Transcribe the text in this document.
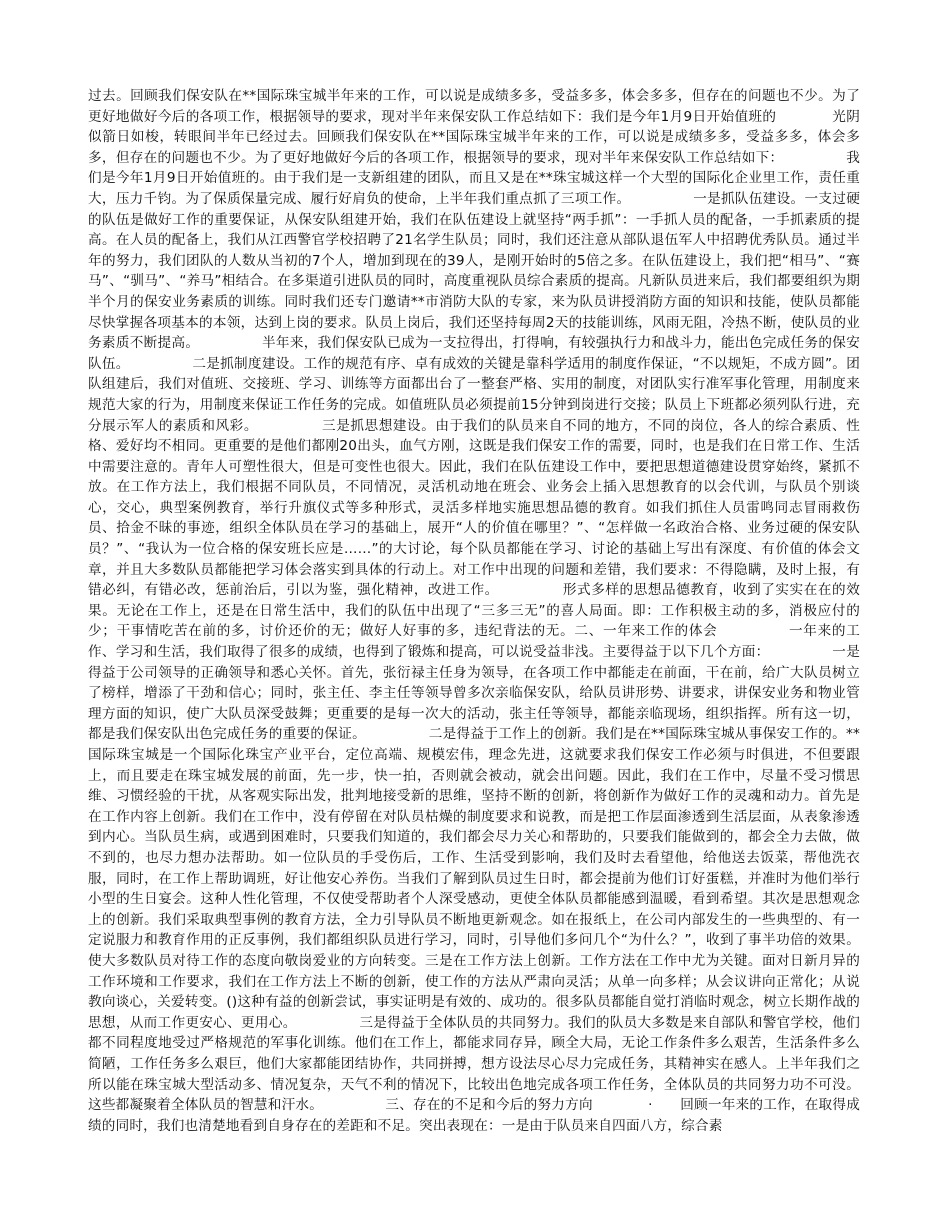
过去。回顾我们保安队在**国际珠宝城半年来的工作，可以说是成绩多多，受益多多，体会多多，但存在的问题也不少。为了更好地做好今后的各项工作，根据领导的要求，现对半年来保安队工作总结如下：我们是今年1月9日开始值班的　　　　光阴似箭日如梭，转眼间半年已经过去。回顾我们保安队在**国际珠宝城半年来的工作，可以说是成绩多多，受益多多，体会多多，但存在的问题也不少。为了更好地做好今后的各项工作，根据领导的要求，现对半年来保安队工作总结如下：　　　　　我们是今年1月9日开始值班的。由于我们是一支新组建的团队，而且又是在**珠宝城这样一个大型的国际化企业里工作，责任重大，压力千钧。为了保质保量完成、履行好肩负的使命，上半年我们重点抓了三项工作。　　　　　一是抓队伍建设。一支过硬的队伍是做好工作的重要保证，从保安队组建开始，我们在队伍建设上就坚持“两手抓”：一手抓人员的配备，一手抓素质的提高。在人员的配备上，我们从江西警官学校招聘了21名学生队员；同时，我们还注意从部队退伍军人中招聘优秀队员。通过半年的努力，我们团队的人数从当初的7个人，增加到现在的39人，是刚开始时的5倍之多。在队伍建设上，我们把“相马”、“赛马”、“驯马”、“养马”相结合。在多渠道引进队员的同时，高度重视队员综合素质的提高。凡新队员进来后，我们都要组织为期半个月的保安业务素质的训练。同时我们还专门邀请**市消防大队的专家，来为队员讲授消防方面的知识和技能，使队员都能尽快掌握各项基本的本领，达到上岗的要求。队员上岗后，我们还坚持每周2天的技能训练，风雨无阻，冷热不断，使队员的业务素质不断提高。　　　　　半年来，我们保安队已成为一支拉得出，打得响，有较强执行力和战斗力，能出色完成任务的保安队伍。　　　　　二是抓制度建设。工作的规范有序、卓有成效的关键是靠科学适用的制度作保证，“不以规矩，不成方圆”。团队组建后，我们对值班、交接班、学习、训练等方面都出台了一整套严格、实用的制度，对团队实行准军事化管理，用制度来规范大家的行为，用制度来保证工作任务的完成。如值班队员必须提前15分钟到岗进行交接；队员上下班都必须列队行进，充分展示军人的素质和风彩。　　　　　三是抓思想建设。由于我们的队员来自不同的地方，不同的岗位，各人的综合素质、性格、爱好均不相同。更重要的是他们都刚20出头，血气方刚，这既是我们保安工作的需要，同时，也是我们在日常工作、生活中需要注意的。青年人可塑性很大，但是可变性也很大。因此，我们在队伍建设工作中，要把思想道德建设贯穿始终，紧抓不放。在工作方法上，我们根据不同队员，不同情况，灵活机动地在班会、业务会上插入思想教育的以会代训，与队员个别谈心，交心，典型案例教育，举行升旗仪式等多种形式，灵活多样地实施思想品德的教育。如我们抓住人员雷鸣同志冒雨救伤员、拾金不昧的事迹，组织全体队员在学习的基础上，展开“人的价值在哪里？”、“怎样做一名政治合格、业务过硬的保安队员？”、“我认为一位合格的保安班长应是……”的大讨论，每个队员都能在学习、讨论的基础上写出有深度、有价值的体会文章，并且大多数队员都能把学习体会落实到具体的行动上。对工作中出现的问题和差错，我们要求：不得隐瞒，及时上报，有错必纠，有错必改，惩前治后，引以为鉴，强化精神，改进工作。　　　　　形式多样的思想品德教育，收到了实实在在的效果。无论在工作上，还是在日常生活中，我们的队伍中出现了“三多三无”的喜人局面。即：工作积极主动的多，消极应付的少；干事情吃苦在前的多，讨价还价的无；做好人好事的多，违纪背法的无。二、一年来工作的体会　　　　　一年来的工作、学习和生活，我们取得了很多的成绩，也得到了锻炼和提高，可以说受益非浅。主要得益于以下几个方面：　　　　　一是得益于公司领导的正确领导和悉心关怀。首先，张衍禄主任身为领导，在各项工作中都能走在前面，干在前，给广大队员树立了榜样，增添了干劲和信心；同时，张主任、李主任等领导曾多次亲临保安队，给队员讲形势、讲要求，讲保安业务和物业管理方面的知识，使广大队员深受鼓舞；更重要的是每一次大的活动，张主任等领导，都能亲临现场，组织指挥。所有这一切，都是我们保安队出色完成任务的重要的保证。　　　　　二是得益于工作上的创新。我们是在**国际珠宝城从事保安工作的。**国际珠宝城是一个国际化珠宝产业平台，定位高端、规模宏伟，理念先进，这就要求我们保安工作必须与时俱进，不但要跟上，而且要走在珠宝城发展的前面，先一步，快一拍，否则就会被动，就会出问题。因此，我们在工作中，尽量不受习惯思维、习惯经验的干扰，从客观实际出发，批判地接受新的思维，坚持不断的创新，将创新作为做好工作的灵魂和动力。首先是在工作内容上创新。我们在工作中，没有停留在对队员枯燥的制度要求和说教，而是把工作层面渗透到生活层面，从表象渗透到内心。当队员生病，或遇到困难时，只要我们知道的，我们都会尽力关心和帮助的，只要我们能做到的，都会全力去做，做不到的，也尽力想办法帮助。如一位队员的手受伤后，工作、生活受到影响，我们及时去看望他，给他送去饭菜，帮他洗衣服，同时，在工作上帮助调班，好让他安心养伤。当我们了解到队员过生日时，都会提前为他们订好蛋糕，并准时为他们举行小型的生日宴会。这种人性化管理，不仅使受帮助者个人深受感动，更使全体队员都能感到温暖，看到希望。其次是思想观念上的创新。我们采取典型事例的教育方法，全力引导队员不断地更新观念。如在报纸上，在公司内部发生的一些典型的、有一定说服力和教育作用的正反事例，我们都组织队员进行学习，同时，引导他们多问几个“为什么？”，收到了事半功倍的效果。使大多数队员对待工作的态度向敬岗爱业的方向转变。三是在工作方法上创新。工作方法在工作中尤为关键。面对日新月异的工作环境和工作要求，我们在工作方法上不断的创新，使工作的方法从严肃向灵活；从单一向多样；从会议讲向正常化；从说教向谈心，关爱转变。()这种有益的创新尝试，事实证明是有效的、成功的。很多队员都能自觉打消临时观念，树立长期作战的思想，从而工作更安心、更用心。　　　　　三是得益于全体队员的共同努力。我们的队员大多数是来自部队和警官学校，他们都不同程度地受过严格规范的军事化训练。他们在工作上，都能求同存异，顾全大局，无论工作条件多么艰苦，生活条件多么简陋，工作任务多么艰巨，他们大家都能团结协作，共同拼搏，想方设法尽心尽力完成任务，其精神实在感人。上半年我们之所以能在珠宝城大型活动多、情况复杂，天气不利的情况下，比较出色地完成各项工作任务，全体队员的共同努力功不可没。这些都凝聚着全体队员的智慧和汗水。　　　　　三、存在的不足和今后的努力方向　　　　·　　回顾一年来的工作，在取得成绩的同时，我们也清楚地看到自身存在的差距和不足。突出表现在：一是由于队员来自四面八方，综合素
